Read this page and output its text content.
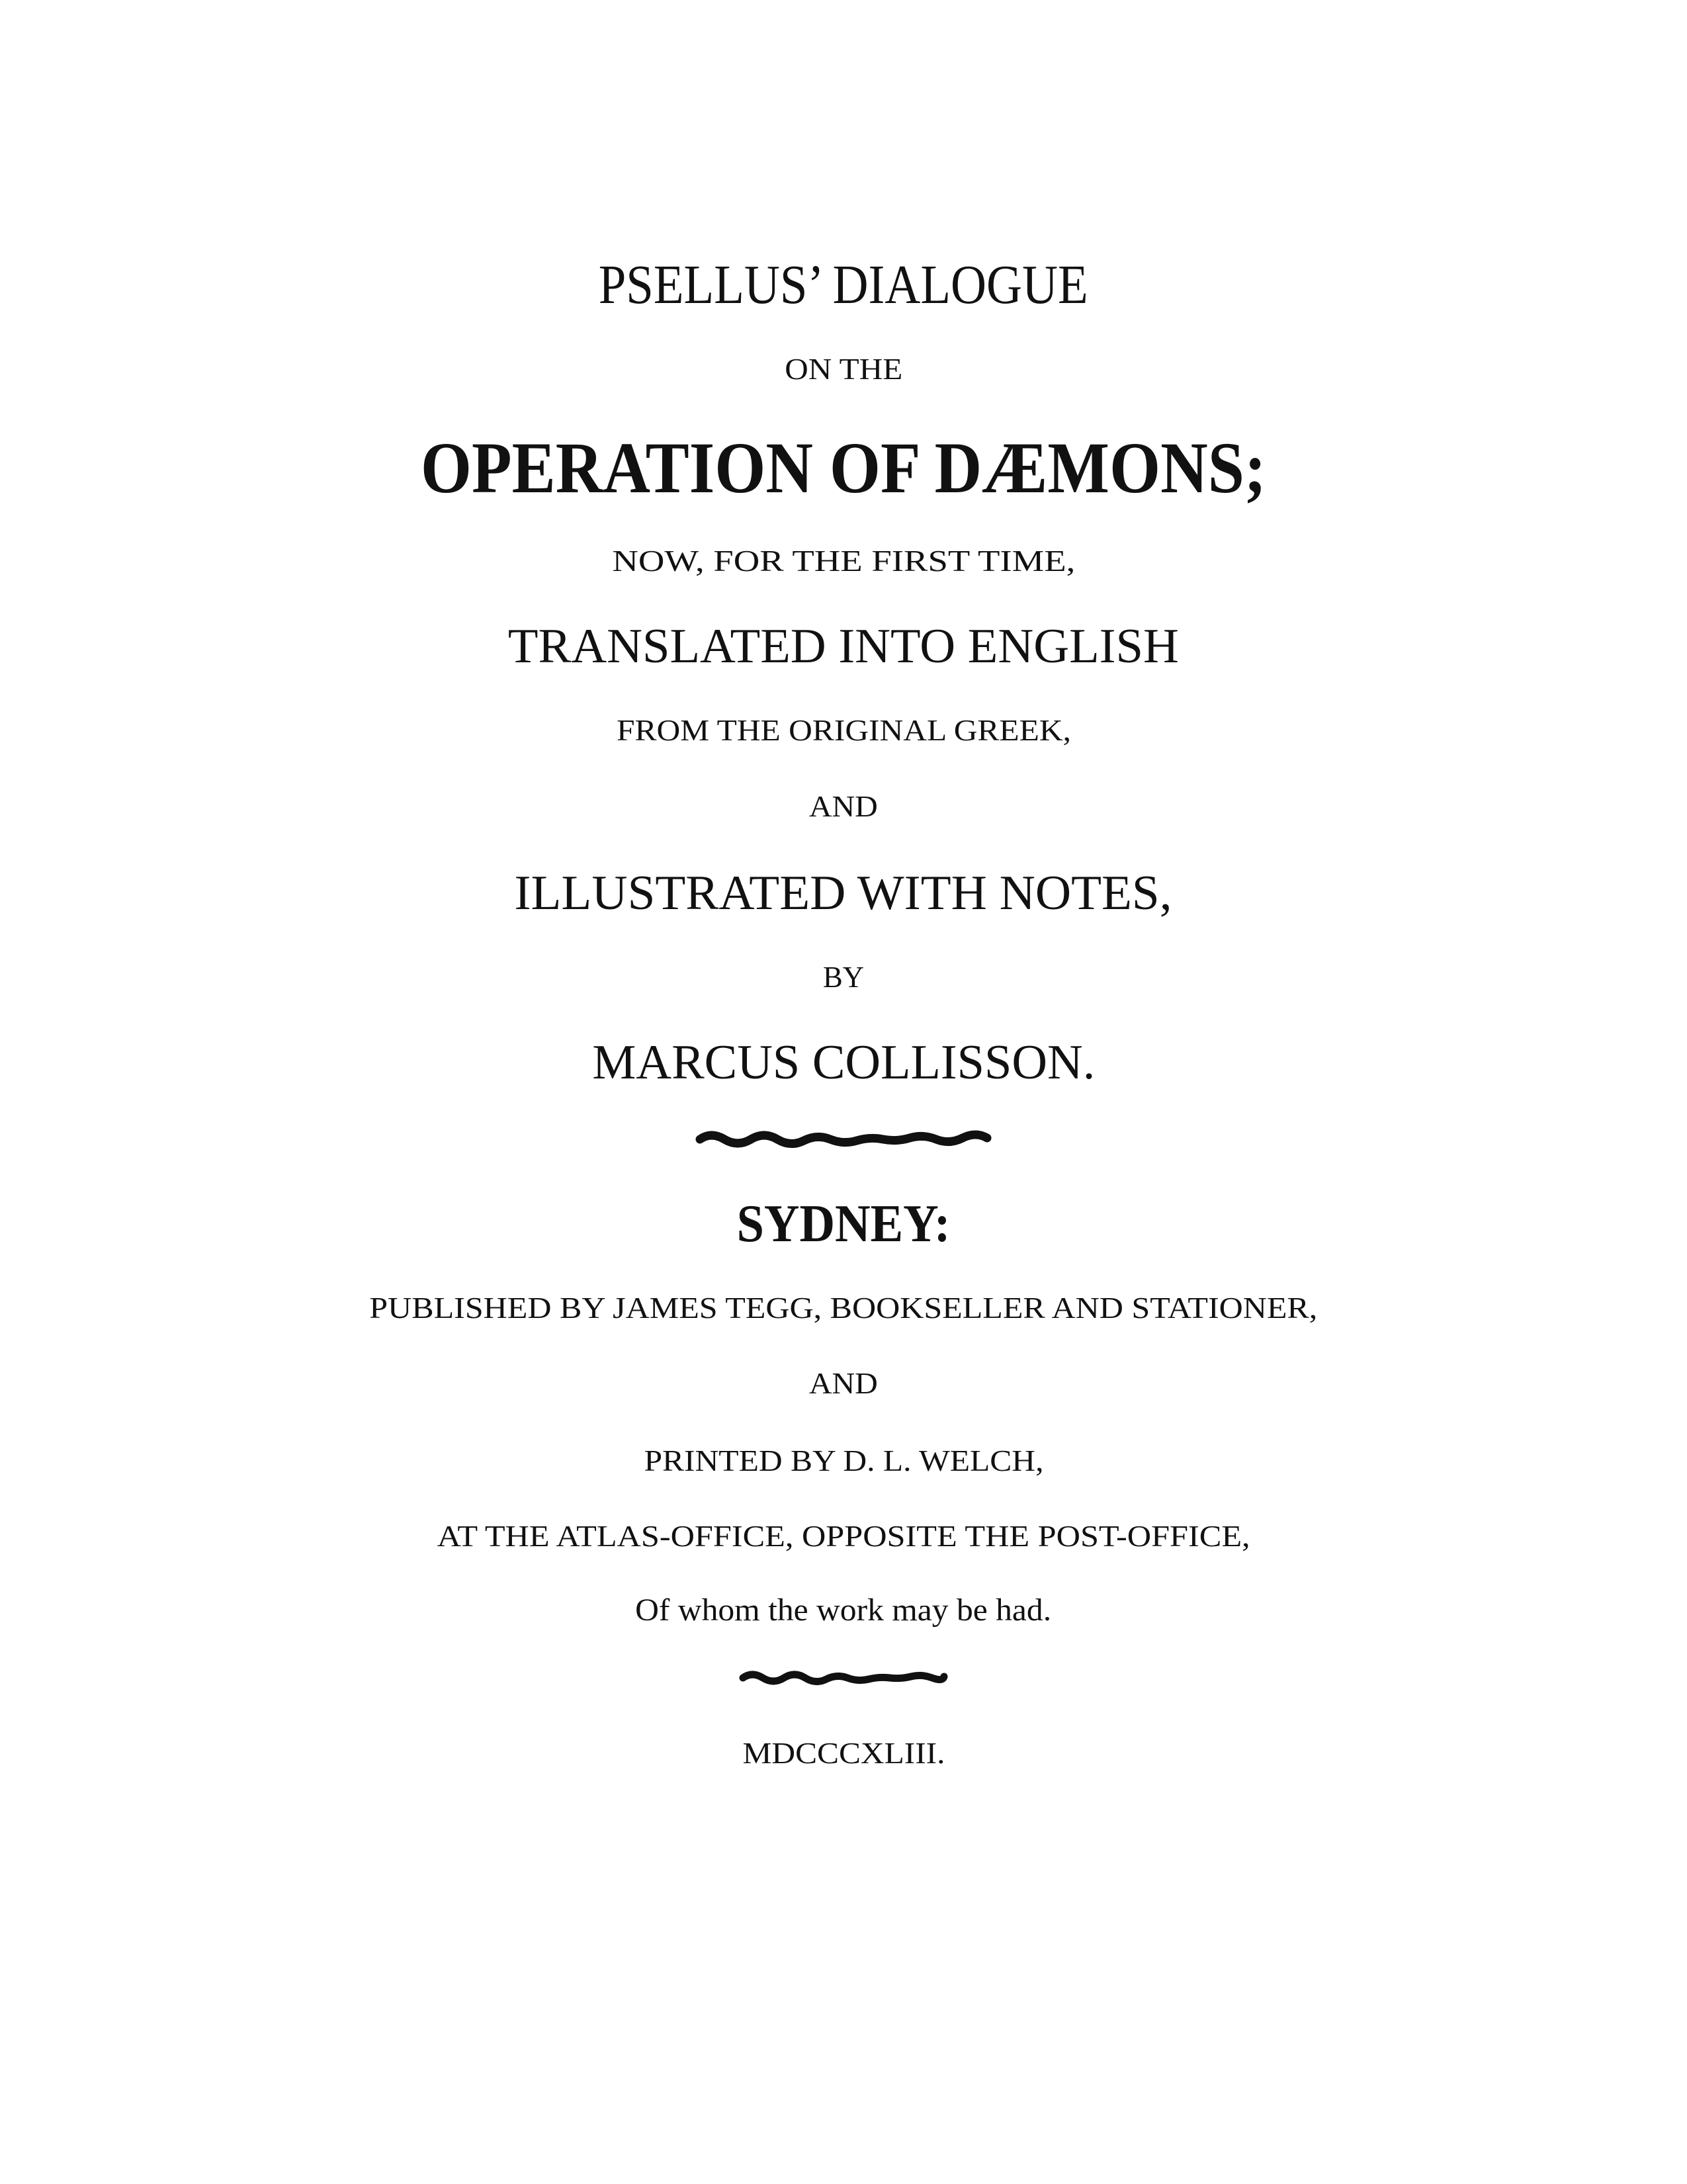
PSELLUS’ DIALOGUE
ON THE
OPERATION OF DÆMONS;
NOW, FOR THE FIRST TIME,
TRANSLATED INTO ENGLISH
FROM THE ORIGINAL GREEK,
AND
ILLUSTRATED WITH NOTES,
BY
MARCUS COLLISSON.
SYDNEY:
PUBLISHED BY JAMES TEGG, BOOKSELLER AND STATIONER,
AND
PRINTED BY D. L. WELCH,
AT THE ATLAS-OFFICE, OPPOSITE THE POST-OFFICE,
Of whom the work may be had.
MDCCCXLIII.
